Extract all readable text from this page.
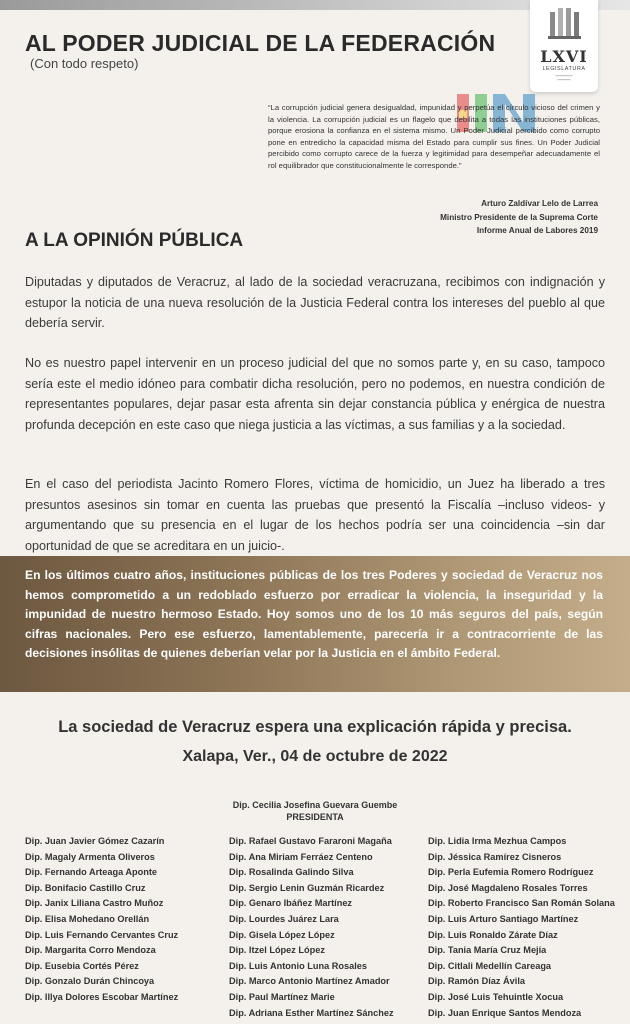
AL PODER JUDICIAL DE LA FEDERACIÓN
(Con todo respeto)	LXVI
LEGISLATURA
━━━━━━━━
━━━━━━
“La corrupción judicial genera desigualdad, impunidad y perpetúa el círculo vicioso del crimen y la violencia. La corrupción judicial es un flagelo que debilita a todas las instituciones públicas, porque erosiona la confianza en el sistema mismo. Un Poder Judicial percibido como corrupto pone en entredicho la capacidad misma del Estado para cumplir sus fines. Un Poder Judicial percibido como corrupto carece de la fuerza y legitimidad para desempeñar adecuadamente el rol equilibrador que constitucionalmente le corresponde.”
Arturo Zaldívar Lelo de Larrea
Ministro Presidente de la Suprema Corte
Informe Anual de Labores 2019
A LA OPINIÓN PÚBLICA
Diputadas y diputados de Veracruz, al lado de la sociedad veracruzana, recibimos con indignación y estupor la noticia de una nueva resolución de la Justicia Federal contra los intereses del pueblo al que debería servir.
No es nuestro papel intervenir en un proceso judicial del que no somos parte y, en su caso, tampoco sería este el medio idóneo para combatir dicha resolución, pero no podemos, en nuestra condición de representantes populares, dejar pasar esta afrenta sin dejar constancia pública y enérgica de nuestra profunda decepción en este caso que niega justicia a las víctimas, a sus familias y a la sociedad.
En el caso del periodista Jacinto Romero Flores, víctima de homicidio, un Juez ha liberado a tres presuntos asesinos sin tomar en cuenta las pruebas que presentó la Fiscalía –incluso videos- y argumentando que su presencia en el lugar de los hechos podría ser una coincidencia –sin dar oportunidad de que se acreditara en un juicio-.
En los últimos cuatro años, instituciones públicas de los tres Poderes y sociedad de Veracruz nos hemos comprometido a un redoblado esfuerzo por erradicar la violencia, la inseguridad y la impunidad de nuestro hermoso Estado. Hoy somos uno de los 10 más seguros del país, según cifras nacionales. Pero ese esfuerzo, lamentablemente, parecería ir a contracorriente de las decisiones insólitas de quienes deberían velar por la Justicia en el ámbito Federal.
La sociedad de Veracruz espera una explicación rápida y precisa.
Xalapa, Ver., 04 de octubre de 2022
Dip. Cecilia Josefina Guevara Guembe
PRESIDENTA
Dip. Juan Javier Gómez Cazarín
Dip. Magaly Armenta Oliveros
Dip. Fernando Arteaga Aponte
Dip. Bonifacio Castillo Cruz
Dip. Janix Liliana Castro Muñoz
Dip. Elisa Mohedano Orellán
Dip. Luis Fernando Cervantes Cruz
Dip. Margarita Corro Mendoza
Dip. Eusebia Cortés Pérez
Dip. Gonzalo Durán Chincoya
Dip. Illya Dolores Escobar Martínez
Dip. Rafael Gustavo Fararoni Magaña
Dip. Ana Miriam Ferráez Centeno
Dip. Rosalinda Galindo Silva
Dip. Sergio Lenin Guzmán Ricardez
Dip. Genaro Ibáñez Martínez
Dip. Lourdes Juárez Lara
Dip. Gisela López López
Dip. Itzel López López
Dip. Luis Antonio Luna Rosales
Dip. Marco Antonio Martínez Amador
Dip. Paul Martínez Marie
Dip. Adriana Esther Martínez Sánchez
Dip. Lidia Irma Mezhua Campos
Dip. Jéssica Ramírez Cisneros
Dip. Perla Eufemia Romero Rodríguez
Dip. José Magdaleno Rosales Torres
Dip. Roberto Francisco San Román Solana
Dip. Luis Arturo Santiago Martínez
Dip. Luis Ronaldo Zárate Díaz
Dip. Tania María Cruz Mejía
Dip. Citlali Medellín Careaga
Dip. Ramón Díaz Ávila
Dip. José Luis Tehuintle Xocua
Dip. Juan Enrique Santos Mendoza
